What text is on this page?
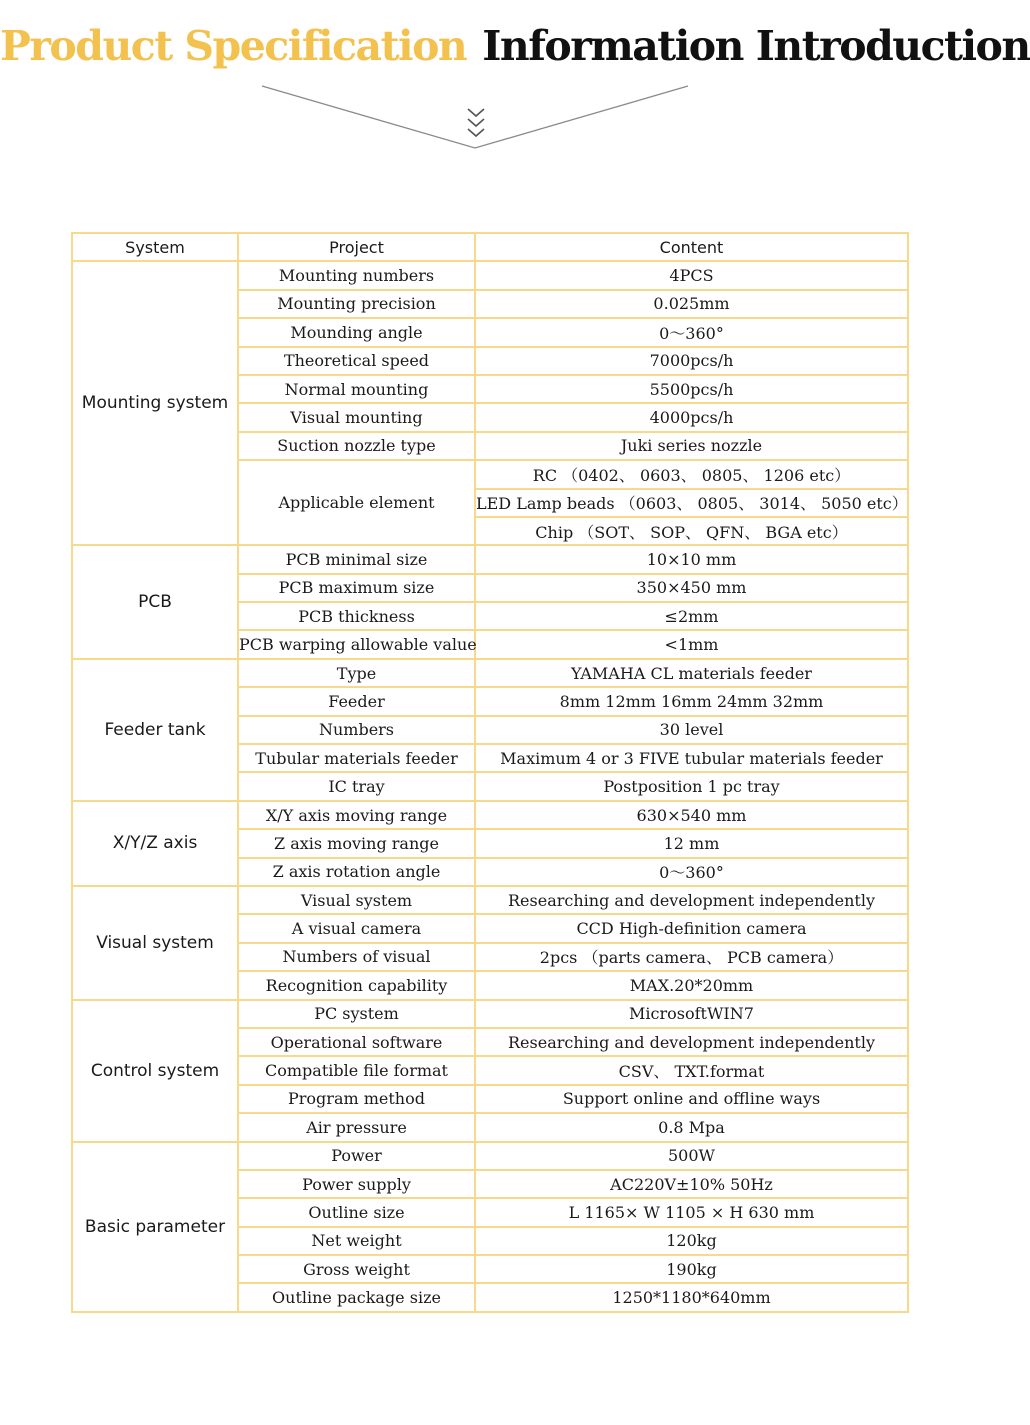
Product Specification Information Introduction
System	Project	Content
Mounting system	Mounting numbers	4PCS
	Mounting precision	0.025mm
	Mounding angle	0～360°
	Theoretical speed	7000pcs/h
	Normal mounting	5500pcs/h
	Visual mounting	4000pcs/h
	Suction nozzle type	Juki series nozzle
	Applicable element	RC （0402、 0603、 0805、 1206 etc）
		LED Lamp beads （0603、 0805、 3014、 5050 etc）
		Chip （SOT、 SOP、 QFN、 BGA etc）
PCB	PCB minimal size	10×10 mm
	PCB maximum size	350×450 mm
	PCB thickness	≤2mm
	PCB warping allowable value	<1mm
Feeder tank	Type	YAMAHA CL materials feeder
	Feeder	8mm 12mm 16mm 24mm 32mm
	Numbers	30 level
	Tubular materials feeder	Maximum 4 or 3 FIVE tubular materials feeder
	IC tray	Postposition 1 pc tray
X/Y/Z axis	X/Y axis moving range	630×540 mm
	Z axis moving range	12 mm
	Z axis rotation angle	0～360°
Visual system	Visual system	Researching and development independently
	A visual camera	CCD High-definition camera
	Numbers of visual	2pcs （parts camera、 PCB camera）
	Recognition capability	MAX.20*20mm
Control system	PC system	MicrosoftWIN7
	Operational software	Researching and development independently
	Compatible file format	CSV、 TXT.format
	Program method	Support online and offline ways
	Air pressure	0.8 Mpa
Basic parameter	Power	500W
	Power supply	AC220V±10% 50Hz
	Outline size	L 1165× W 1105 × H 630 mm
	Net weight	120kg
	Gross weight	190kg
	Outline package size	1250*1180*640mm
